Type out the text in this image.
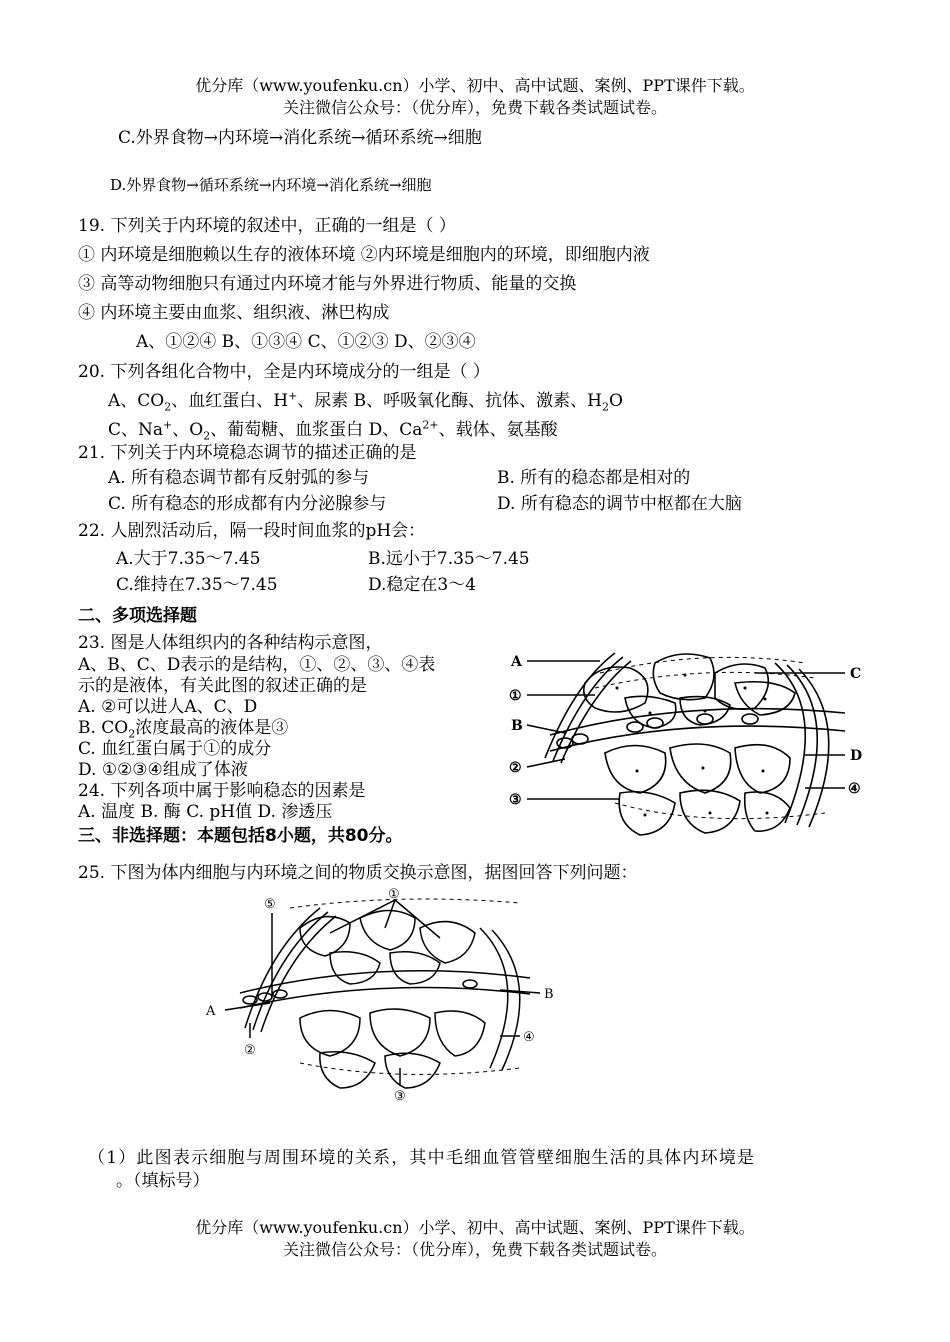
优分库（www.youfenku.cn）小学、初中、高中试题、案例、PPT课件下载。
关注微信公众号：（优分库），免费下载各类试题试卷。
C.外界食物→内环境→消化系统→循环系统→细胞
D.外界食物→循环系统→内环境→消化系统→细胞
19. 下列关于内环境的叙述中，正确的一组是（ ）
① 内环境是细胞赖以生存的液体环境 ②内环境是细胞内的环境，即细胞内液
③ 高等动物细胞只有通过内环境才能与外界进行物质、能量的交换
④ 内环境主要由血浆、组织液、淋巴构成
A、①②④ B、①③④ C、①②③ D、②③④
20. 下列各组化合物中，全是内环境成分的一组是（ ）
A、$CO_2$、血红蛋白、H+、尿素 B、呼吸氧化酶、抗体、激素、$H_2O$
C、Na+、$O_2$、葡萄糖、血浆蛋白 D、$Ca^{2+}$、载体、氨基酸
21. 下列关于内环境稳态调节的描述正确的是
A. 所有稳态调节都有反射弧的参与	B. 所有的稳态都是相对的
C. 所有稳态的形成都有内分泌腺参与	D. 所有稳态的调节中枢都在大脑
22. 人剧烈活动后，隔一段时间血浆的pH会：
A.大于7.35～7.45	B.远小于7.35～7.45
C.维持在7.35～7.45	D.稳定在3～4
二、多项选择题
23. 图是人体组织内的各种结构示意图，
A、B、C、D表示的是结构，①、②、③、④表
示的是液体，有关此图的叙述正确的是
A. ②可以进人A、C、D
B. $CO_2$浓度最高的液体是③
C. 血红蛋白属于①的成分
D. ①②③④组成了体液
24. 下列各项中属于影响稳态的因素是
A. 温度 B. 酶 C. pH值 D. 渗透压
三、非选择题：本题包括8小题，共80分。
A
①
B
②
③
C
D
④
25. 下图为体内细胞与内环境之间的物质交换示意图，据图回答下列问题：
①
⑤
A
②
B
④
③
（1）此图表示细胞与周围环境的关系，其中毛细血管管壁细胞生活的具体内环境是
。（填标号）
优分库（www.youfenku.cn）小学、初中、高中试题、案例、PPT课件下载。
关注微信公众号：（优分库），免费下载各类试题试卷。
